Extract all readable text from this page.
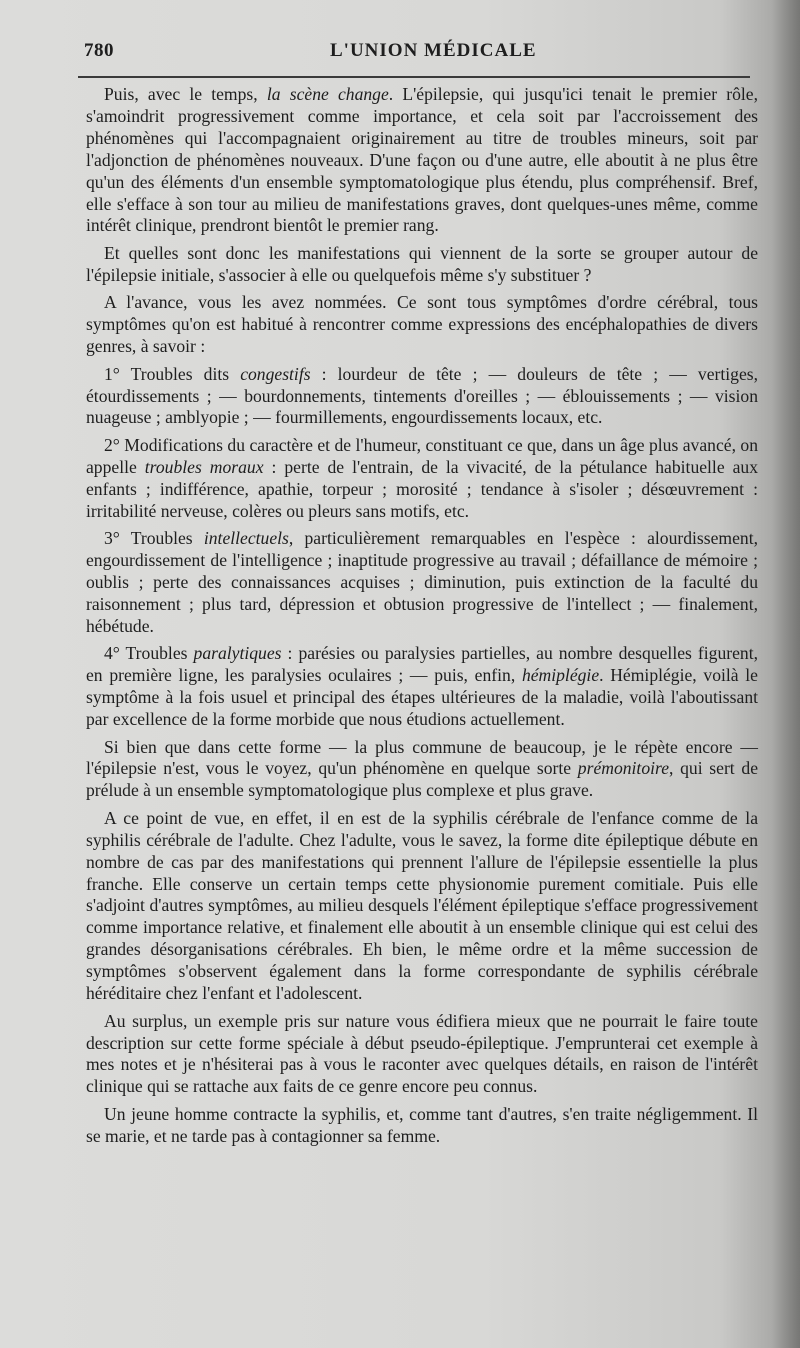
780	L'UNION MÉDICALE

Puis, avec le temps, la scène change. L'épilepsie, qui jusqu'ici tenait le premier rôle, s'amoindrit progressivement comme importance, et cela soit par l'accroissement des phénomènes qui l'accompagnaient originairement au titre de troubles mineurs, soit par l'adjonction de phénomènes nouveaux. D'une façon ou d'une autre, elle aboutit à ne plus être qu'un des éléments d'un ensemble symptomatologique plus étendu, plus compréhensif. Bref, elle s'efface à son tour au milieu de manifestations graves, dont quelques-unes même, comme intérêt clinique, prendront bientôt le premier rang.

Et quelles sont donc les manifestations qui viennent de la sorte se grouper autour de l'épilepsie initiale, s'associer à elle ou quelquefois même s'y substituer ?

A l'avance, vous les avez nommées. Ce sont tous symptômes d'ordre cérébral, tous symptômes qu'on est habitué à rencontrer comme expressions des encéphalopathies de divers genres, à savoir :

1° Troubles dits congestifs : lourdeur de tête ; — douleurs de tête ; — vertiges, étourdissements ; — bourdonnements, tintements d'oreilles ; — éblouissements ; — vision nuageuse ; amblyopie ; — fourmillements, engourdissements locaux, etc.

2° Modifications du caractère et de l'humeur, constituant ce que, dans un âge plus avancé, on appelle troubles moraux : perte de l'entrain, de la vivacité, de la pétulance habituelle aux enfants ; indifférence, apathie, torpeur ; morosité ; tendance à s'isoler ; désœuvrement : irritabilité nerveuse, colères ou pleurs sans motifs, etc.

3° Troubles intellectuels, particulièrement remarquables en l'espèce : alourdissement, engourdissement de l'intelligence ; inaptitude progressive au travail ; défaillance de mémoire ; oublis ; perte des connaissances acquises ; diminution, puis extinction de la faculté du raisonnement ; plus tard, dépression et obtusion progressive de l'intellect ; — finalement, hébétude.

4° Troubles paralytiques : parésies ou paralysies partielles, au nombre desquelles figurent, en première ligne, les paralysies oculaires ; — puis, enfin, hémiplégie. Hémiplégie, voilà le symptôme à la fois usuel et principal des étapes ultérieures de la maladie, voilà l'aboutissant par excellence de la forme morbide que nous étudions actuellement.

Si bien que dans cette forme — la plus commune de beaucoup, je le répète encore — l'épilepsie n'est, vous le voyez, qu'un phénomène en quelque sorte prémonitoire, qui sert de prélude à un ensemble symptomatologique plus complexe et plus grave.

A ce point de vue, en effet, il en est de la syphilis cérébrale de l'enfance comme de la syphilis cérébrale de l'adulte. Chez l'adulte, vous le savez, la forme dite épileptique débute en nombre de cas par des manifestations qui prennent l'allure de l'épilepsie essentielle la plus franche. Elle conserve un certain temps cette physionomie purement comitiale. Puis elle s'adjoint d'autres symptômes, au milieu desquels l'élément épileptique s'efface progressivement comme importance relative, et finalement elle aboutit à un ensemble clinique qui est celui des grandes désorganisations cérébrales. Eh bien, le même ordre et la même succession de symptômes s'observent également dans la forme correspondante de syphilis cérébrale héréditaire chez l'enfant et l'adolescent.

Au surplus, un exemple pris sur nature vous édifiera mieux que ne pourrait le faire toute description sur cette forme spéciale à début pseudo-épileptique. J'emprunterai cet exemple à mes notes et je n'hésiterai pas à vous le raconter avec quelques détails, en raison de l'intérêt clinique qui se rattache aux faits de ce genre encore peu connus.

Un jeune homme contracte la syphilis, et, comme tant d'autres, s'en traite négligemment. Il se marie, et ne tarde pas à contagionner sa femme.
